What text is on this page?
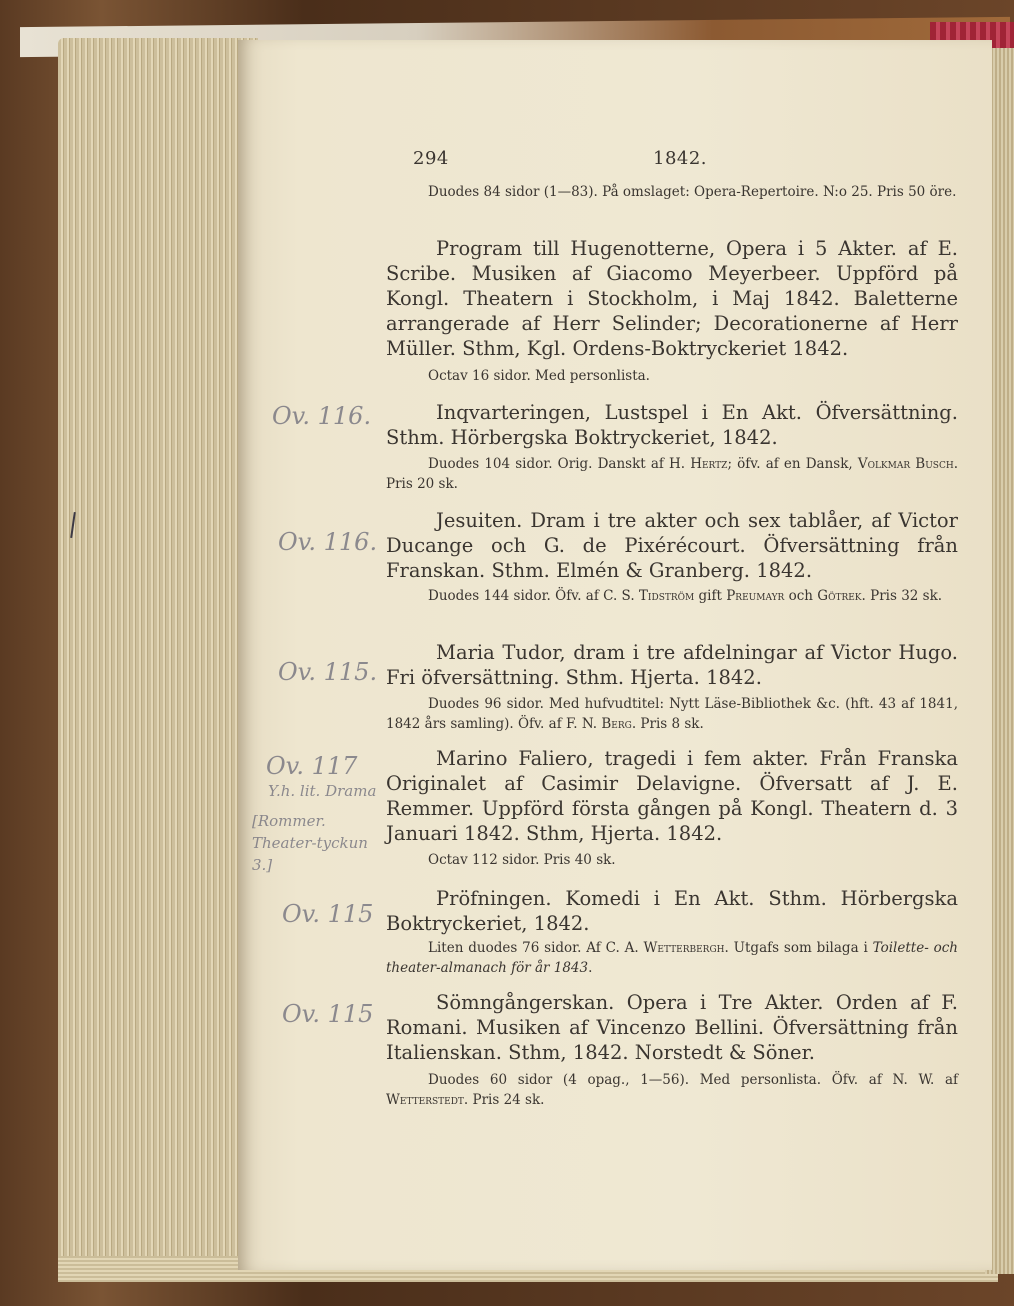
294	1842.

Duodes 84 sidor (1—83). På omslaget: Opera-Repertoire. N:o 25. Pris 50 öre.

Program till Hugenotterne, Opera i 5 Akter. af E. Scribe. Musiken af Giacomo Meyerbeer. Uppförd på Kongl. Theatern i Stockholm, i Maj 1842. Baletterne arrangerade af Herr Selinder; Decorationerne af Herr Müller. Sthm, Kgl. Ordens-Boktryckeriet 1842.

Octav 16 sidor. Med personlista.

Inqvarteringen, Lustspel i En Akt. Öfversättning. Sthm. Hörbergska Boktryckeriet, 1842.

Duodes 104 sidor. Orig. Danskt af H. Hertz; öfv. af en Dansk, Volkmar Busch. Pris 20 sk.

Jesuiten. Dram i tre akter och sex tablåer, af Victor Ducange och G. de Pixérécourt. Öfversättning från Franskan. Sthm. Elmén & Granberg. 1842.

Duodes 144 sidor. Öfv. af C. S. Tidström gift Preumayr och Götrek. Pris 32 sk.

Maria Tudor, dram i tre afdelningar af Victor Hugo. Fri öfversättning. Sthm. Hjerta. 1842.

Duodes 96 sidor. Med hufvudtitel: Nytt Läse-Bibliothek &c. (hft. 43 af 1841, 1842 års samling). Öfv. af F. N. Berg. Pris 8 sk.

Marino Faliero, tragedi i fem akter. Från Franska Originalet af Casimir Delavigne. Öfversatt af J. E. Remmer. Uppförd första gången på Kongl. Theatern d. 3 Januari 1842. Sthm, Hjerta. 1842.

Octav 112 sidor. Pris 40 sk.

Pröfningen. Komedi i En Akt. Sthm. Hörbergska Boktryckeriet, 1842.

Liten duodes 76 sidor. Af C. A. Wetterbergh. Utgafs som bilaga i Toilette- och theater-almanach för år 1843.

Sömngångerskan. Opera i Tre Akter. Orden af F. Romani. Musiken af Vincenzo Bellini. Öfversättning från Italienskan. Sthm, 1842. Norstedt & Söner.

Duodes 60 sidor (4 opag., 1—56). Med personlista. Öfv. af N. W. af Wetterstedt. Pris 24 sk.

Ov. 116.
Ov. 116.
Ov. 115.
Ov. 117
Y.h. lit. Drama
[Rommer. Theater-tyckun 3.]
Ov. 115
Ov. 115
